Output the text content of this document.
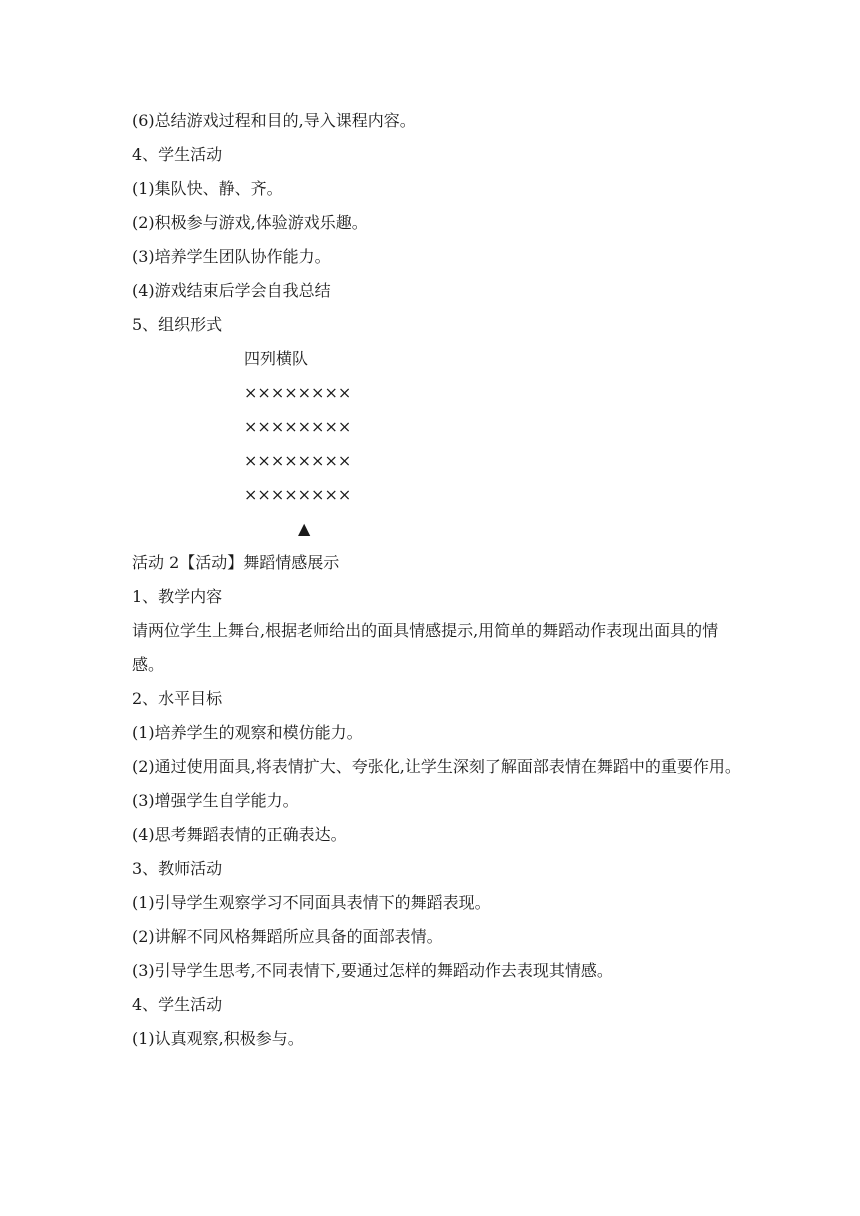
(6)总结游戏过程和目的,导入课程内容。
4、学生活动
(1)集队快、静、齐。
(2)积极参与游戏,体验游戏乐趣。
(3)培养学生团队协作能力。
(4)游戏结束后学会自我总结
5、组织形式
四列横队
××××××××
××××××××
××××××××
××××××××
▲
活动 2【活动】舞蹈情感展示
1、教学内容
请两位学生上舞台,根据老师给出的面具情感提示,用简单的舞蹈动作表现出面具的情感。
2、水平目标
(1)培养学生的观察和模仿能力。
(2)通过使用面具,将表情扩大、夸张化,让学生深刻了解面部表情在舞蹈中的重要作用。
(3)增强学生自学能力。
(4)思考舞蹈表情的正确表达。
3、教师活动
(1)引导学生观察学习不同面具表情下的舞蹈表现。
(2)讲解不同风格舞蹈所应具备的面部表情。
(3)引导学生思考,不同表情下,要通过怎样的舞蹈动作去表现其情感。
4、学生活动
(1)认真观察,积极参与。
